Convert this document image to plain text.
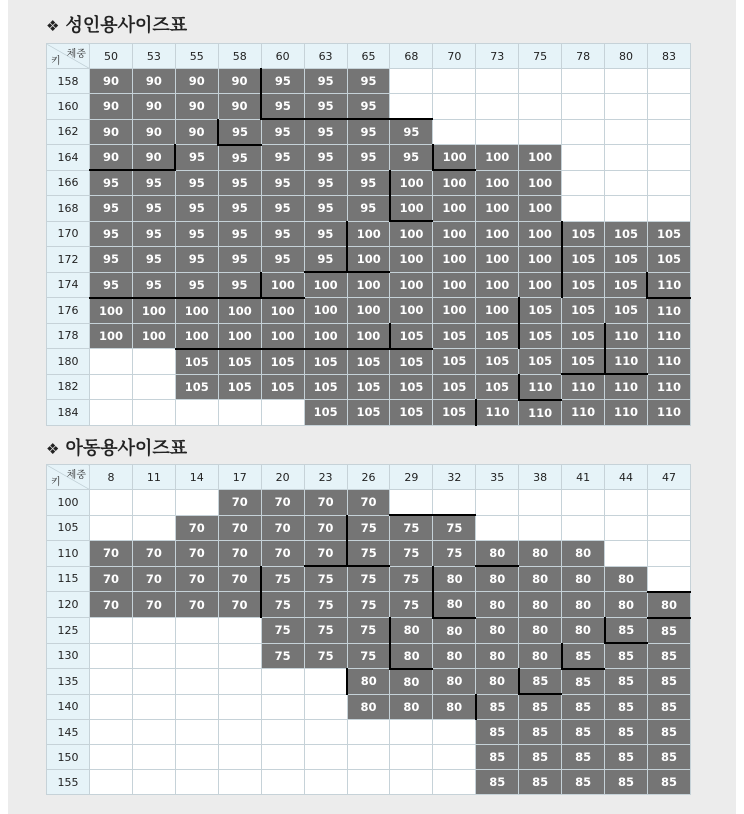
❖ 성인용사이즈표
체중
키	50	53	55	58	60	63	65	68	70	73	75	78	80	83
158	90	90	90	90	95	95	95							
160	90	90	90	90	95	95	95							
162	90	90	90	95	95	95	95	95						
164	90	90	95	95	95	95	95	95	100	100	100			
166	95	95	95	95	95	95	95	100	100	100	100			
168	95	95	95	95	95	95	95	100	100	100	100			
170	95	95	95	95	95	95	100	100	100	100	100	105	105	105
172	95	95	95	95	95	95	100	100	100	100	100	105	105	105
174	95	95	95	95	100	100	100	100	100	100	100	105	105	110
176	100	100	100	100	100	100	100	100	100	100	105	105	105	110
178	100	100	100	100	100	100	100	105	105	105	105	105	110	110
180			105	105	105	105	105	105	105	105	105	105	110	110
182			105	105	105	105	105	105	105	105	110	110	110	110
184						105	105	105	105	110	110	110	110	110
❖ 아동용사이즈표
체중
키	8	11	14	17	20	23	26	29	32	35	38	41	44	47
100				70	70	70	70							
105			70	70	70	70	75	75	75					
110	70	70	70	70	70	70	75	75	75	80	80	80		
115	70	70	70	70	75	75	75	75	80	80	80	80	80	
120	70	70	70	70	75	75	75	75	80	80	80	80	80	80
125					75	75	75	80	80	80	80	80	85	85
130					75	75	75	80	80	80	80	85	85	85
135							80	80	80	80	85	85	85	85
140							80	80	80	85	85	85	85	85
145										85	85	85	85	85
150										85	85	85	85	85
155										85	85	85	85	85
